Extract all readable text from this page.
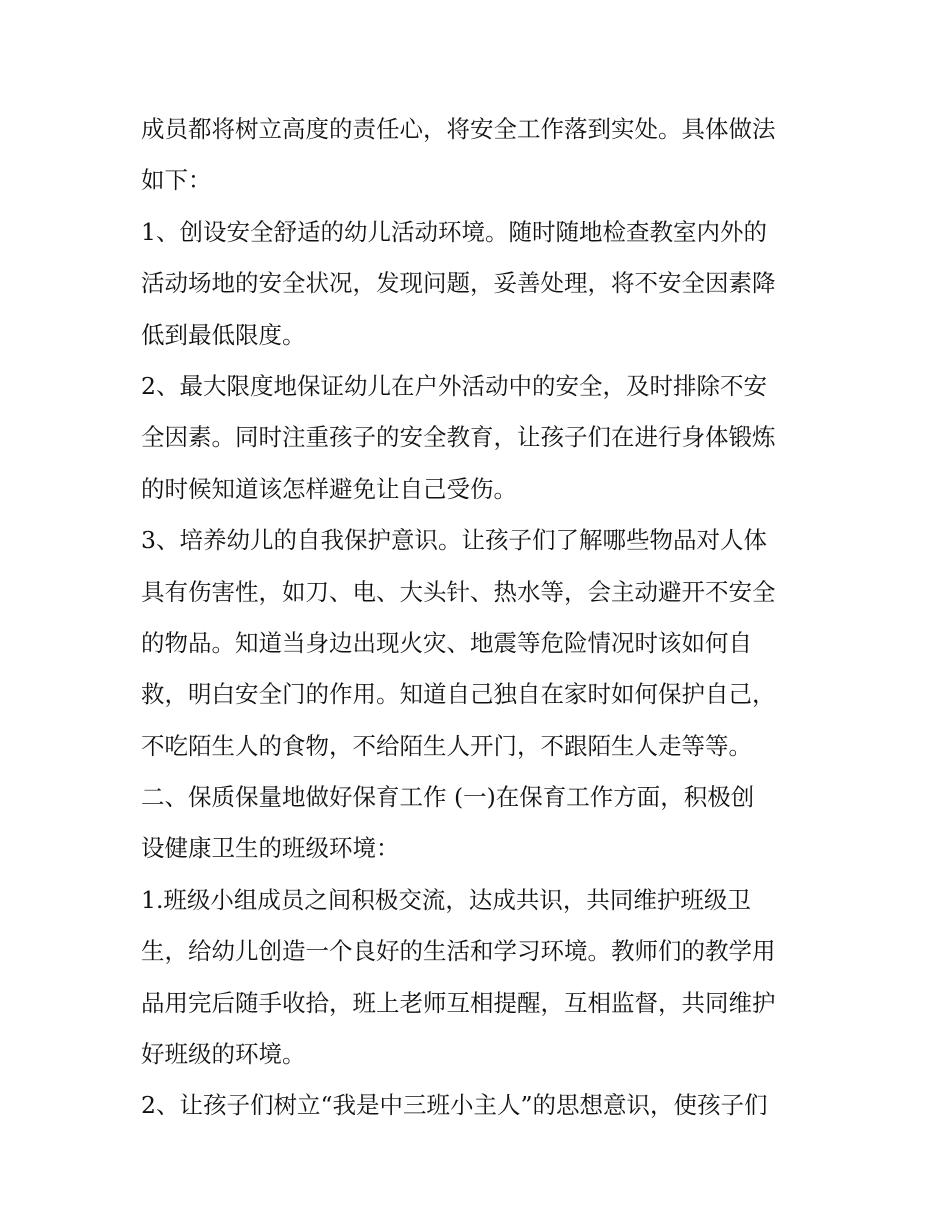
成员都将树立高度的责任心，将安全工作落到实处。具体做法
如下：
1、创设安全舒适的幼儿活动环境。随时随地检查教室内外的
活动场地的安全状况，发现问题，妥善处理，将不安全因素降
低到最低限度。
2、最大限度地保证幼儿在户外活动中的安全，及时排除不安
全因素。同时注重孩子的安全教育，让孩子们在进行身体锻炼
的时候知道该怎样避免让自己受伤。
3、培养幼儿的自我保护意识。让孩子们了解哪些物品对人体
具有伤害性，如刀、电、大头针、热水等，会主动避开不安全
的物品。知道当身边出现火灾、地震等危险情况时该如何自
救，明白安全门的作用。知道自己独自在家时如何保护自己，
不吃陌生人的食物，不给陌生人开门，不跟陌生人走等等。
二、保质保量地做好保育工作 (一)在保育工作方面，积极创
设健康卫生的班级环境：
1.班级小组成员之间积极交流，达成共识，共同维护班级卫
生，给幼儿创造一个良好的生活和学习环境。教师们的教学用
品用完后随手收拾，班上老师互相提醒，互相监督，共同维护
好班级的环境。
2、让孩子们树立“我是中三班小主人”的思想意识，使孩子们
